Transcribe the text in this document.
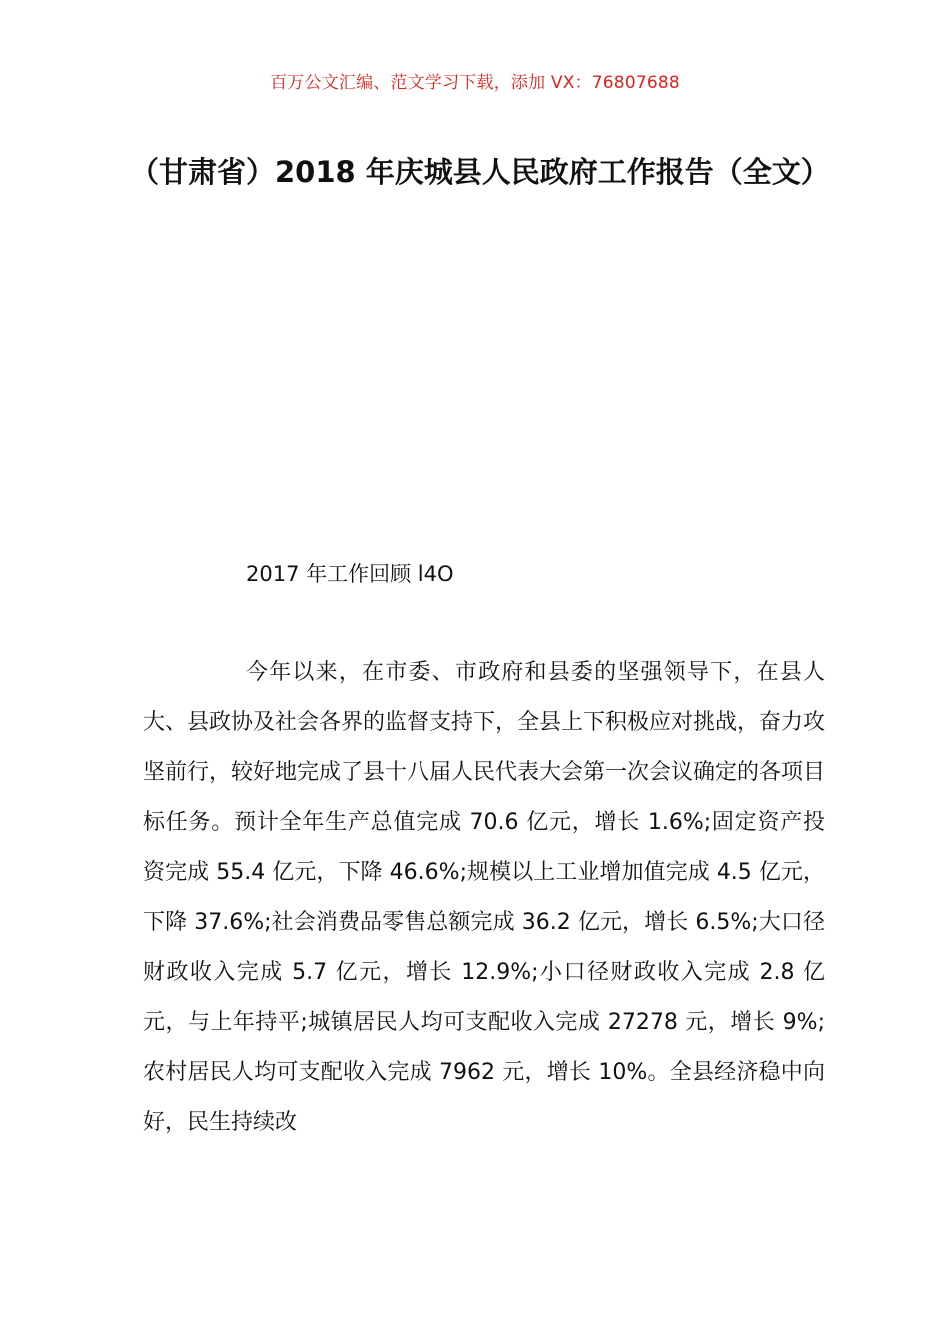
百万公文汇编、范文学习下载，添加 VX：76807688
（甘肃省）2018 年庆城县人民政府工作报告（全文）
2017 年工作回顾 l4O
今年以来，在市委、市政府和县委的坚强领导下，在县人大、县政协及社会各界的监督支持下，全县上下积极应对挑战，奋力攻坚前行，较好地完成了县十八届人民代表大会第一次会议确定的各项目标任务。预计全年生产总值完成 70.6 亿元，增长 1.6%;固定资产投资完成 55.4 亿元，下降 46.6%;规模以上工业增加值完成 4.5 亿元，下降 37.6%;社会消费品零售总额完成 36.2 亿元，增长 6.5%;大口径财政收入完成 5.7 亿元，增长 12.9%;小口径财政收入完成 2.8 亿元，与上年持平;城镇居民人均可支配收入完成 27278 元，增长 9%;农村居民人均可支配收入完成 7962 元，增长 10%。全县经济稳中向好，民生持续改
